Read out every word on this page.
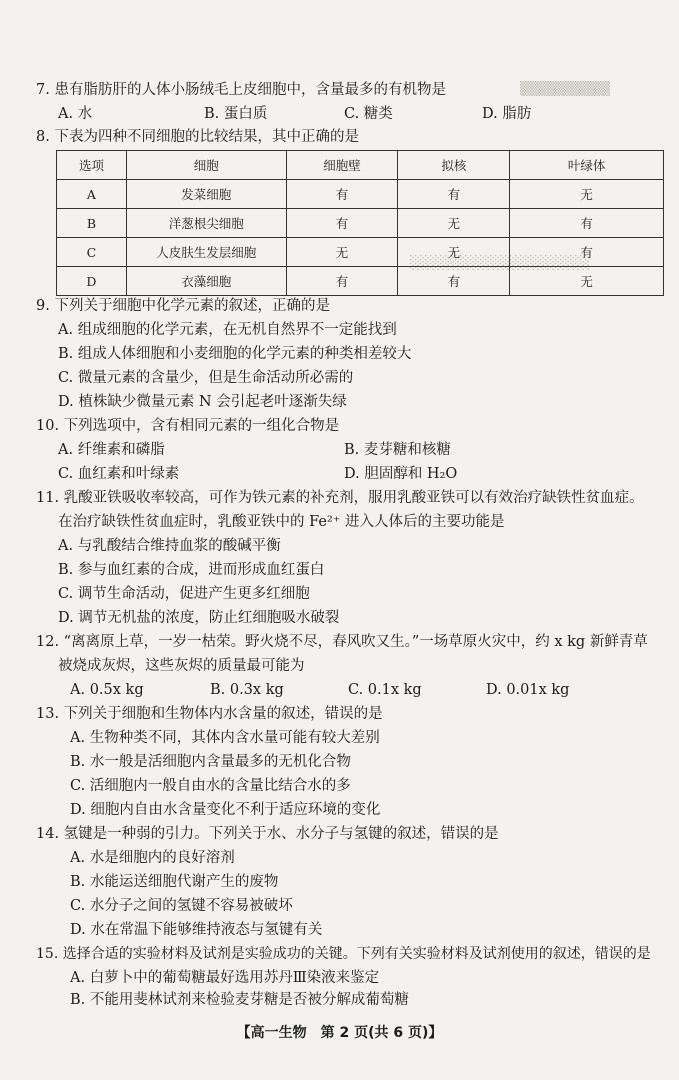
▒▒▒▒▒▒▒▒▒
░░░░░░░░░░░░░░░░░░
7. 患有脂肪肝的人体小肠绒毛上皮细胞中，含量最多的有机物是
A. 水	B. 蛋白质	C. 糖类	D. 脂肪
8. 下表为四种不同细胞的比较结果，其中正确的是
选项	细胞	细胞壁	拟核	叶绿体
A	发菜细胞	有	有	无
B	洋葱根尖细胞	有	无	有
C	人皮肤生发层细胞	无	无	有
D	衣藻细胞	有	有	无
9. 下列关于细胞中化学元素的叙述，正确的是
A. 组成细胞的化学元素，在无机自然界不一定能找到
B. 组成人体细胞和小麦细胞的化学元素的种类相差较大
C. 微量元素的含量少，但是生命活动所必需的
D. 植株缺少微量元素 N 会引起老叶逐渐失绿
10. 下列选项中，含有相同元素的一组化合物是
A. 纤维素和磷脂	B. 麦芽糖和核糖
C. 血红素和叶绿素	D. 胆固醇和 H₂O
11. 乳酸亚铁吸收率较高，可作为铁元素的补充剂，服用乳酸亚铁可以有效治疗缺铁性贫血症。
在治疗缺铁性贫血症时，乳酸亚铁中的 Fe²⁺ 进入人体后的主要功能是
A. 与乳酸结合维持血浆的酸碱平衡
B. 参与血红素的合成，进而形成血红蛋白
C. 调节生命活动，促进产生更多红细胞
D. 调节无机盐的浓度，防止红细胞吸水破裂
12. “离离原上草，一岁一枯荣。野火烧不尽，春风吹又生。”一场草原火灾中，约 x kg 新鲜青草
被烧成灰烬，这些灰烬的质量最可能为
A. 0.5x kg	B. 0.3x kg	C. 0.1x kg	D. 0.01x kg
13. 下列关于细胞和生物体内水含量的叙述，错误的是
A. 生物种类不同，其体内含水量可能有较大差别
B. 水一般是活细胞内含量最多的无机化合物
C. 活细胞内一般自由水的含量比结合水的多
D. 细胞内自由水含量变化不利于适应环境的变化
14. 氢键是一种弱的引力。下列关于水、水分子与氢键的叙述，错误的是
A. 水是细胞内的良好溶剂
B. 水能运送细胞代谢产生的废物
C. 水分子之间的氢键不容易被破坏
D. 水在常温下能够维持液态与氢键有关
15. 选择合适的实验材料及试剂是实验成功的关键。下列有关实验材料及试剂使用的叙述，错误的是
A. 白萝卜中的葡萄糖最好选用苏丹Ⅲ染液来鉴定
B. 不能用斐林试剂来检验麦芽糖是否被分解成葡萄糖
【高一生物　第 2 页(共 6 页)】
